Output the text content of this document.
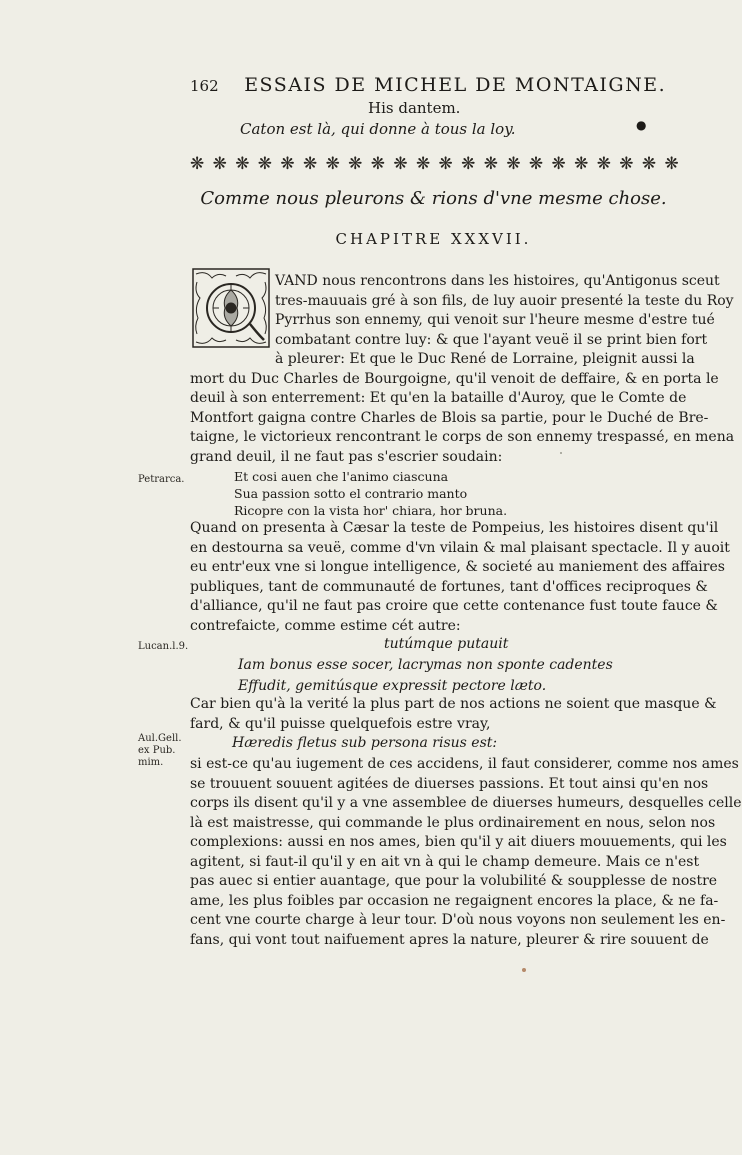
162 ESSAIS DE MICHEL DE MONTAIGNE.
His dantem.
Caton est là, qui donne à tous la loy.	●
❋ ❋ ❋ ❋ ❋ ❋ ❋ ❋ ❋ ❋ ❋ ❋ ❋ ❋ ❋ ❋ ❋ ❋ ❋ ❋ ❋ ❋
Comme nous pleurons & rions d'vne mesme chose.
CHAPITRE XXXVII.
VAND nous rencontrons dans les histoires, qu'Antigonus sceut
tres-mauuais gré à son fils, de luy auoir presenté la teste du Roy
Pyrrhus son ennemy, qui venoit sur l'heure mesme d'estre tué
combatant contre luy: & que l'ayant veuë il se print bien fort
à pleurer: Et que le Duc René de Lorraine, pleignit aussi la
mort du Duc Charles de Bourgoigne, qu'il venoit de deffaire, & en porta le
deuil à son enterrement: Et qu'en la bataille d'Auroy, que le Comte de
Montfort gaigna contre Charles de Blois sa partie, pour le Duché de Bre-
taigne, le victorieux rencontrant le corps de son ennemy trespassé, en mena
grand deuil, il ne faut pas s'escrier soudain:
Petrarca.	Et cosi auen che l'animo ciascuna
Sua passion sotto el contrario manto
Ricopre con la vista hor' chiara, hor bruna.
Quand on presenta à Cæsar la teste de Pompeius, les histoires disent qu'il
en destourna sa veuë, comme d'vn vilain & mal plaisant spectacle. Il y auoit
eu entr'eux vne si longue intelligence, & societé au maniement des affaires
publiques, tant de communauté de fortunes, tant d'offices reciproques &
d'alliance, qu'il ne faut pas croire que cette contenance fust toute fauce &
contrefaicte, comme estime cét autre:
Lucan.l.9.	tutúmque putauit
Iam bonus esse socer, lacrymas non sponte cadentes
Effudit, gemitúsque expressit pectore læto.
Car bien qu'à la verité la plus part de nos actions ne soient que masque &
fard, & qu'il puisse quelquefois estre vray,
Aul.Gell.
ex Pub.
mim.
Hæredis fletus sub persona risus est:
si est-ce qu'au iugement de ces accidens, il faut considerer, comme nos ames
se trouuent souuent agitées de diuerses passions. Et tout ainsi qu'en nos
corps ils disent qu'il y a vne assemblee de diuerses humeurs, desquelles celle
là est maistresse, qui commande le plus ordinairement en nous, selon nos
complexions: aussi en nos ames, bien qu'il y ait diuers mouuements, qui les
agitent, si faut-il qu'il y en ait vn à qui le champ demeure. Mais ce n'est
pas auec si entier auantage, que pour la volubilité & soupplesse de nostre
ame, les plus foibles par occasion ne regaignent encores la place, & ne fa-
cent vne courte charge à leur tour. D'où nous voyons non seulement les en-
fans, qui vont tout naifuement apres la nature, pleurer & rire souuent de
